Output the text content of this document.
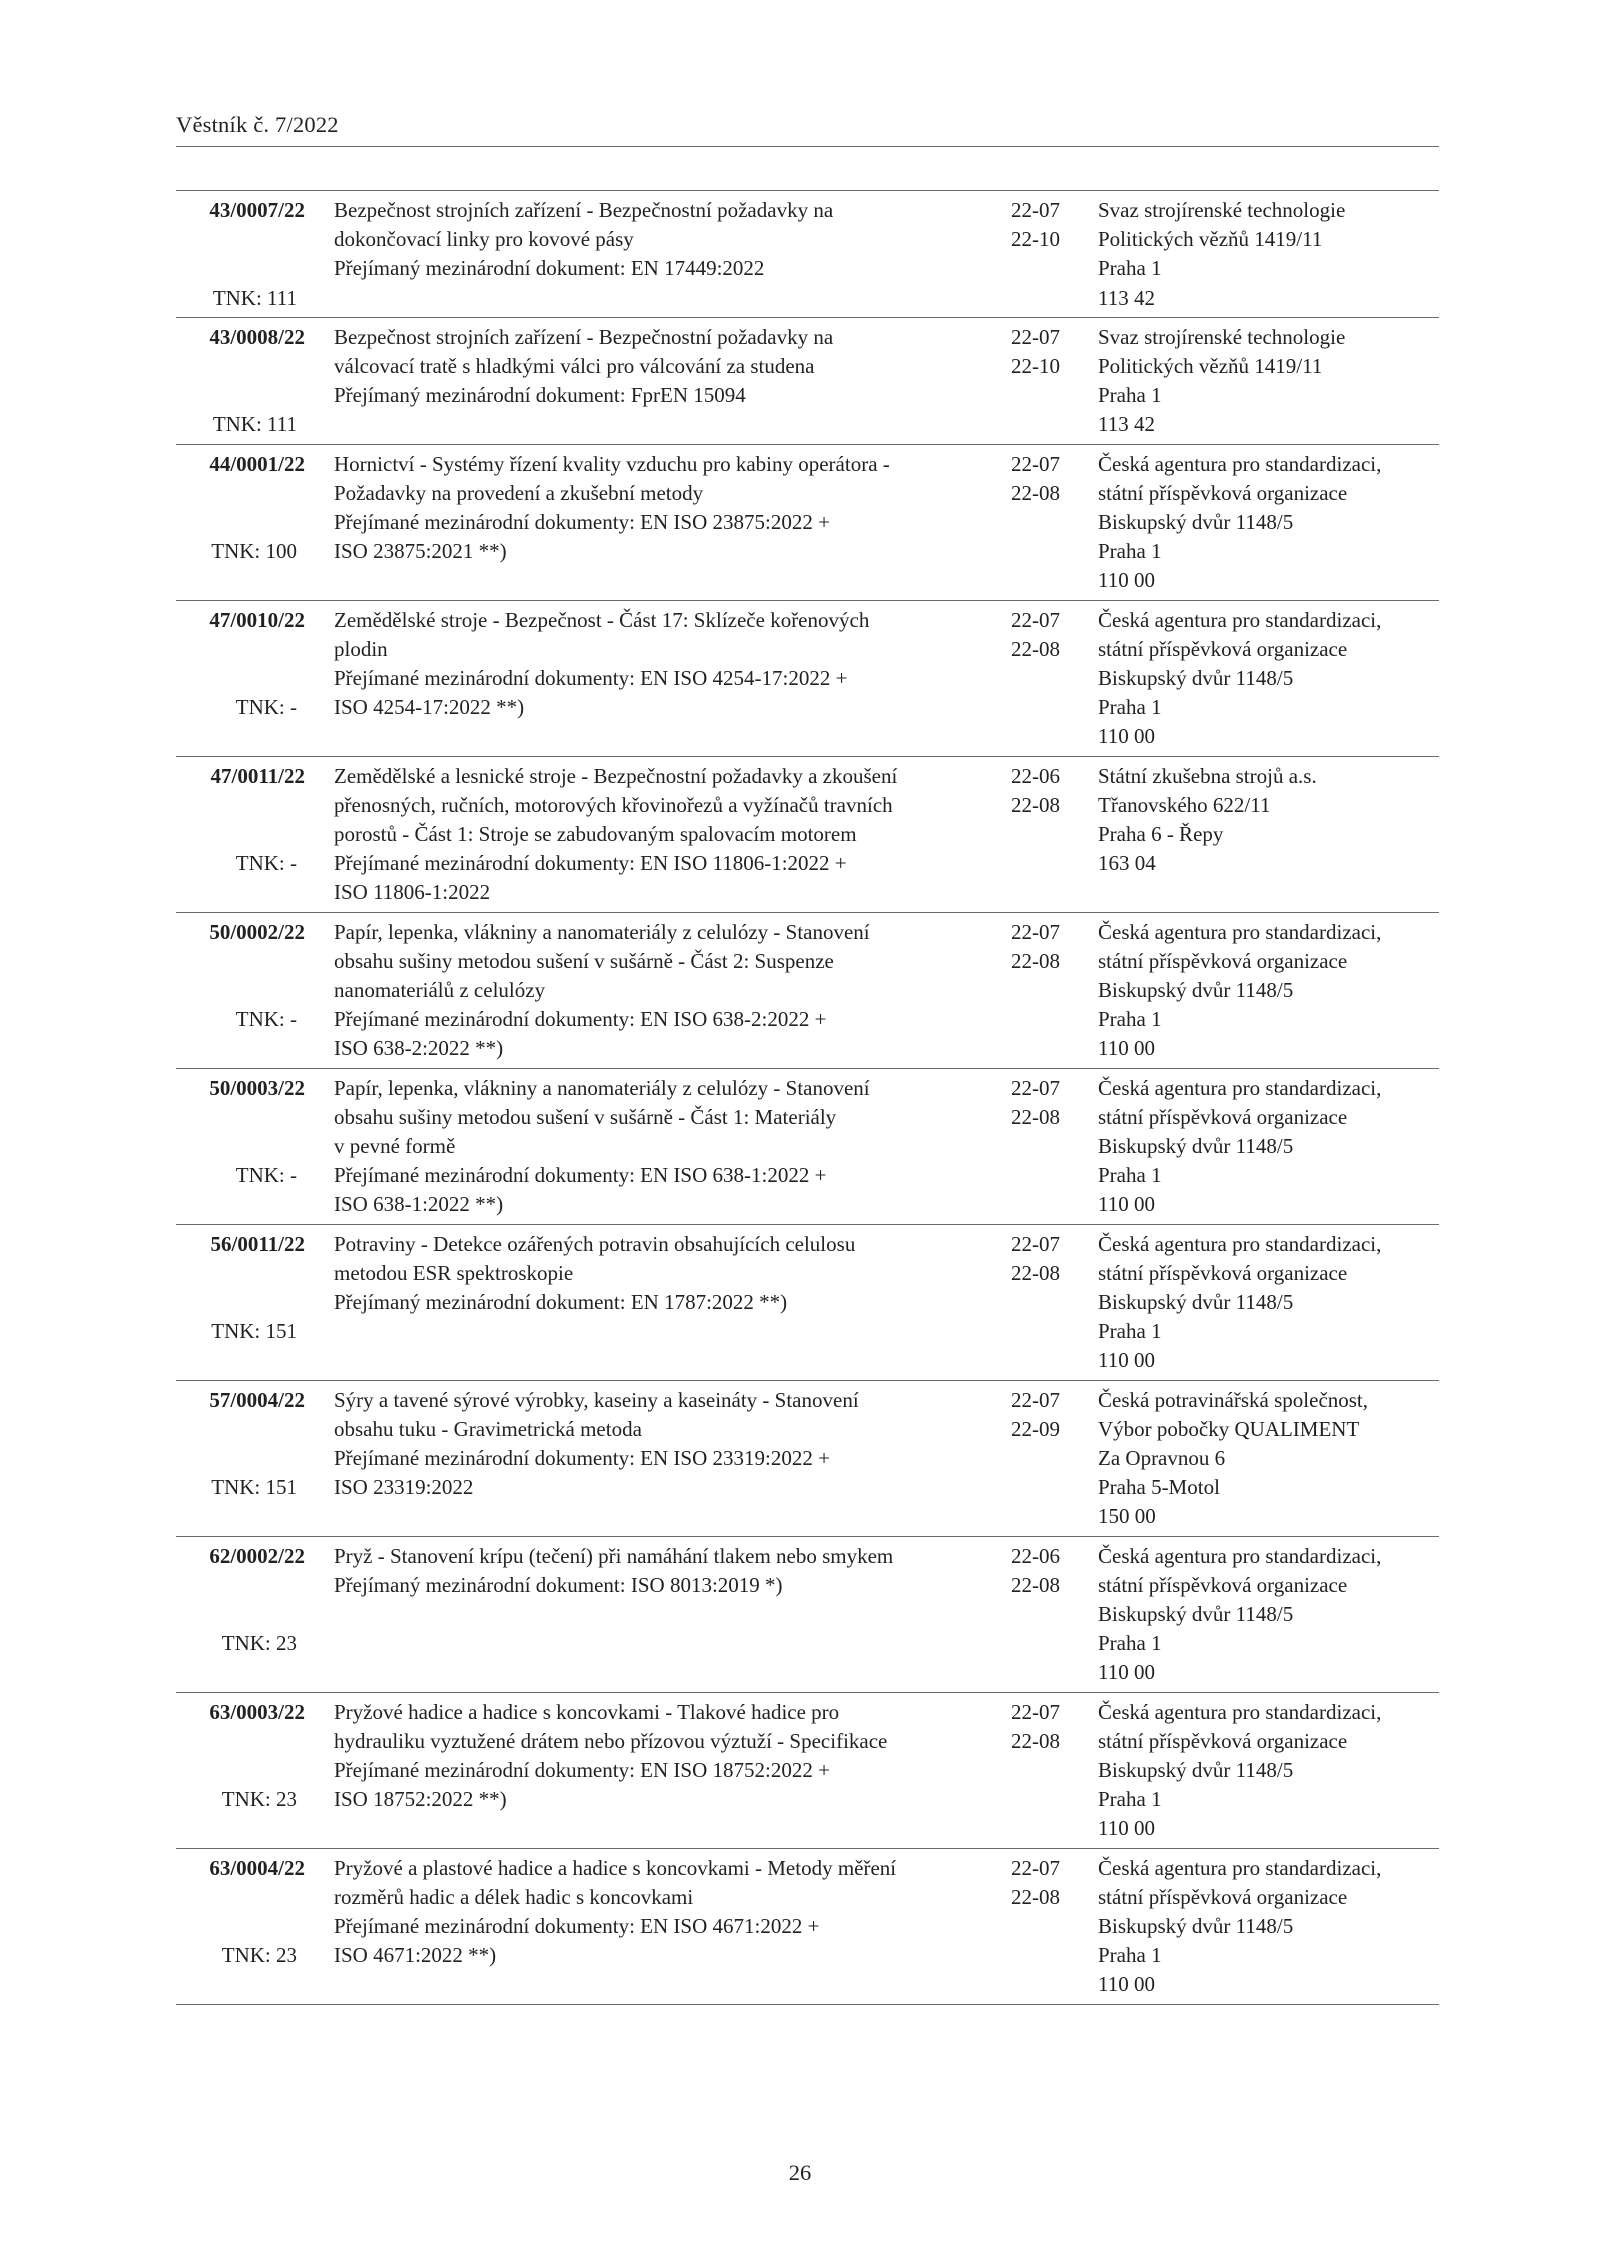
Věstník č. 7/2022
43/0007/22
TNK: 111
Bezpečnost strojních zařízení - Bezpečnostní požadavky na
dokončovací linky pro kovové pásy
Přejímaný mezinárodní dokument: EN 17449:2022
22-07
22-10
Svaz strojírenské technologie
Politických vězňů 1419/11
Praha 1
113 42
43/0008/22
TNK: 111
Bezpečnost strojních zařízení - Bezpečnostní požadavky na
válcovací tratě s hladkými válci pro válcování za studena
Přejímaný mezinárodní dokument: FprEN 15094
22-07
22-10
Svaz strojírenské technologie
Politických vězňů 1419/11
Praha 1
113 42
44/0001/22
TNK: 100
Hornictví - Systémy řízení kvality vzduchu pro kabiny operátora -
Požadavky na provedení a zkušební metody
Přejímané mezinárodní dokumenty: EN ISO 23875:2022 +
ISO 23875:2021 **)
22-07
22-08
Česká agentura pro standardizaci,
státní příspěvková organizace
Biskupský dvůr 1148/5
Praha 1
110 00
47/0010/22
TNK: -
Zemědělské stroje - Bezpečnost - Část 17: Sklízeče kořenových
plodin
Přejímané mezinárodní dokumenty: EN ISO 4254-17:2022 +
ISO 4254-17:2022 **)
22-07
22-08
Česká agentura pro standardizaci,
státní příspěvková organizace
Biskupský dvůr 1148/5
Praha 1
110 00
47/0011/22
TNK: -
Zemědělské a lesnické stroje - Bezpečnostní požadavky a zkoušení
přenosných, ručních, motorových křovinořezů a vyžínačů travních
porostů - Část 1: Stroje se zabudovaným spalovacím motorem
Přejímané mezinárodní dokumenty: EN ISO 11806-1:2022 +
ISO 11806-1:2022
22-06
22-08
Státní zkušebna strojů a.s.
Třanovského 622/11
Praha 6 - Řepy
163 04
50/0002/22
TNK: -
Papír, lepenka, vlákniny a nanomateriály z celulózy - Stanovení
obsahu sušiny metodou sušení v sušárně - Část 2: Suspenze
nanomateriálů z celulózy
Přejímané mezinárodní dokumenty: EN ISO 638-2:2022 +
ISO 638-2:2022 **)
22-07
22-08
Česká agentura pro standardizaci,
státní příspěvková organizace
Biskupský dvůr 1148/5
Praha 1
110 00
50/0003/22
TNK: -
Papír, lepenka, vlákniny a nanomateriály z celulózy - Stanovení
obsahu sušiny metodou sušení v sušárně - Část 1: Materiály
v pevné formě
Přejímané mezinárodní dokumenty: EN ISO 638-1:2022 +
ISO 638-1:2022 **)
22-07
22-08
Česká agentura pro standardizaci,
státní příspěvková organizace
Biskupský dvůr 1148/5
Praha 1
110 00
56/0011/22
TNK: 151
Potraviny - Detekce ozářených potravin obsahujících celulosu
metodou ESR spektroskopie
Přejímaný mezinárodní dokument: EN 1787:2022 **)
22-07
22-08
Česká agentura pro standardizaci,
státní příspěvková organizace
Biskupský dvůr 1148/5
Praha 1
110 00
57/0004/22
TNK: 151
Sýry a tavené sýrové výrobky, kaseiny a kaseináty - Stanovení
obsahu tuku - Gravimetrická metoda
Přejímané mezinárodní dokumenty: EN ISO 23319:2022 +
ISO 23319:2022
22-07
22-09
Česká potravinářská společnost,
Výbor pobočky QUALIMENT
Za Opravnou 6
Praha 5-Motol
150 00
62/0002/22
TNK: 23
Pryž - Stanovení krípu (tečení) při namáhání tlakem nebo smykem
Přejímaný mezinárodní dokument: ISO 8013:2019 *)
22-06
22-08
Česká agentura pro standardizaci,
státní příspěvková organizace
Biskupský dvůr 1148/5
Praha 1
110 00
63/0003/22
TNK: 23
Pryžové hadice a hadice s koncovkami - Tlakové hadice pro
hydrauliku vyztužené drátem nebo přízovou výztuží - Specifikace
Přejímané mezinárodní dokumenty: EN ISO 18752:2022 +
ISO 18752:2022 **)
22-07
22-08
Česká agentura pro standardizaci,
státní příspěvková organizace
Biskupský dvůr 1148/5
Praha 1
110 00
63/0004/22
TNK: 23
Pryžové a plastové hadice a hadice s koncovkami - Metody měření
rozměrů hadic a délek hadic s koncovkami
Přejímané mezinárodní dokumenty: EN ISO 4671:2022 +
ISO 4671:2022 **)
22-07
22-08
Česká agentura pro standardizaci,
státní příspěvková organizace
Biskupský dvůr 1148/5
Praha 1
110 00
26
